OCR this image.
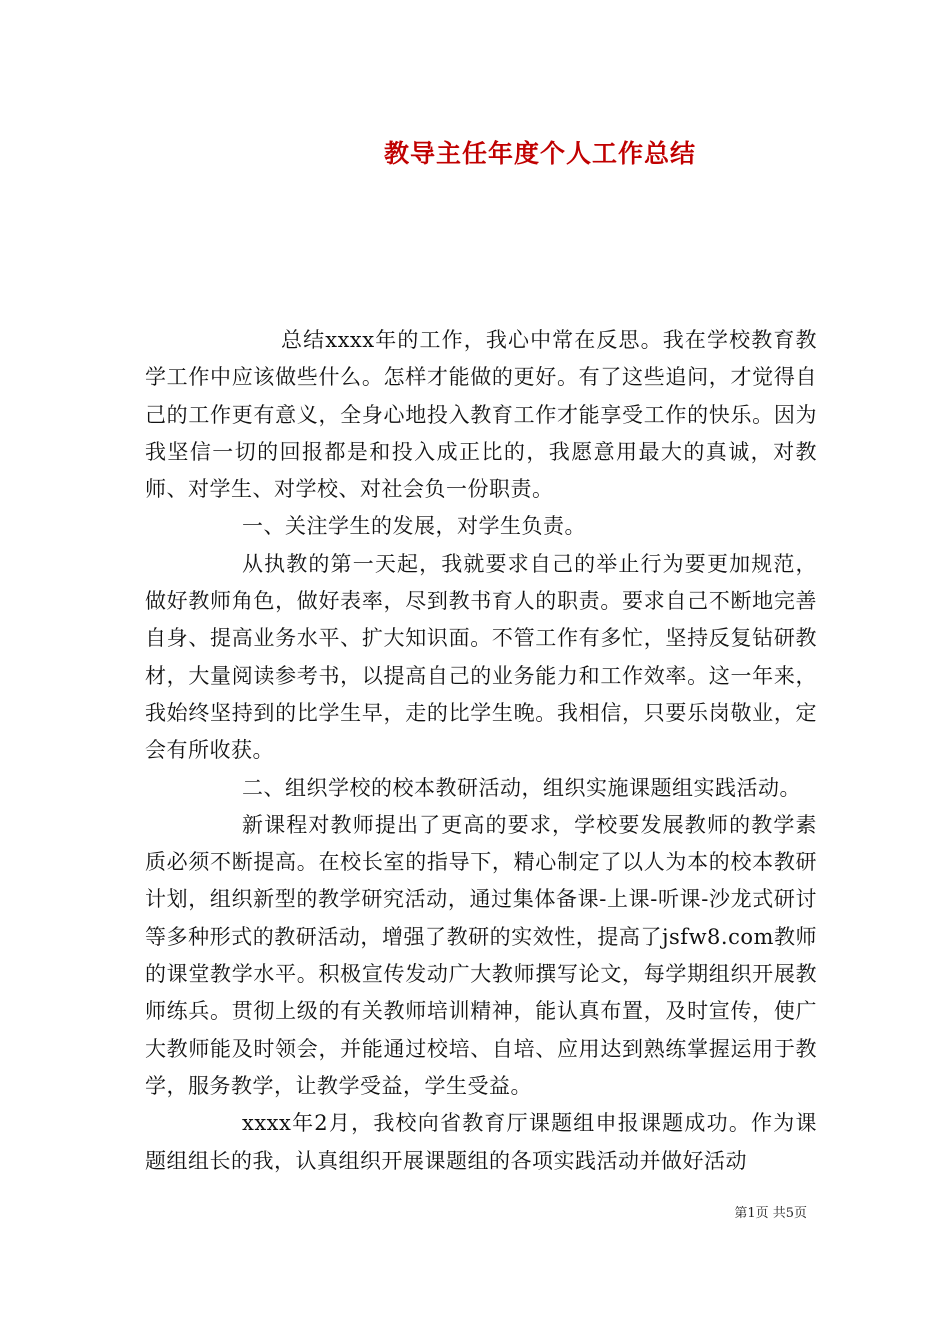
教导主任年度个人工作总结

总结xxxx年的工作，我心中常在反思。我在学校教育教学工作中应该做些什么。怎样才能做的更好。有了这些追问，才觉得自己的工作更有意义，全身心地投入教育工作才能享受工作的快乐。因为我坚信一切的回报都是和投入成正比的，我愿意用最大的真诚，对教师、对学生、对学校、对社会负一份职责。

一、关注学生的发展，对学生负责。

从执教的第一天起，我就要求自己的举止行为要更加规范，做好教师角色，做好表率，尽到教书育人的职责。要求自己不断地完善自身、提高业务水平、扩大知识面。不管工作有多忙，坚持反复钻研教材，大量阅读参考书，以提高自己的业务能力和工作效率。这一年来，我始终坚持到的比学生早，走的比学生晚。我相信，只要乐岗敬业，定会有所收获。

二、组织学校的校本教研活动，组织实施课题组实践活动。

新课程对教师提出了更高的要求，学校要发展教师的教学素质必须不断提高。在校长室的指导下，精心制定了以人为本的校本教研计划，组织新型的教学研究活动，通过集体备课-上课-听课-沙龙式研讨等多种形式的教研活动，增强了教研的实效性，提高了jsfw8.com教师的课堂教学水平。积极宣传发动广大教师撰写论文，每学期组织开展教师练兵。贯彻上级的有关教师培训精神，能认真布置，及时宣传，使广大教师能及时领会，并能通过校培、自培、应用达到熟练掌握运用于教学，服务教学，让教学受益，学生受益。

xxxx年2月，我校向省教育厅课题组申报课题成功。作为课题组组长的我，认真组织开展课题组的各项实践活动并做好活动

第1页 共5页
